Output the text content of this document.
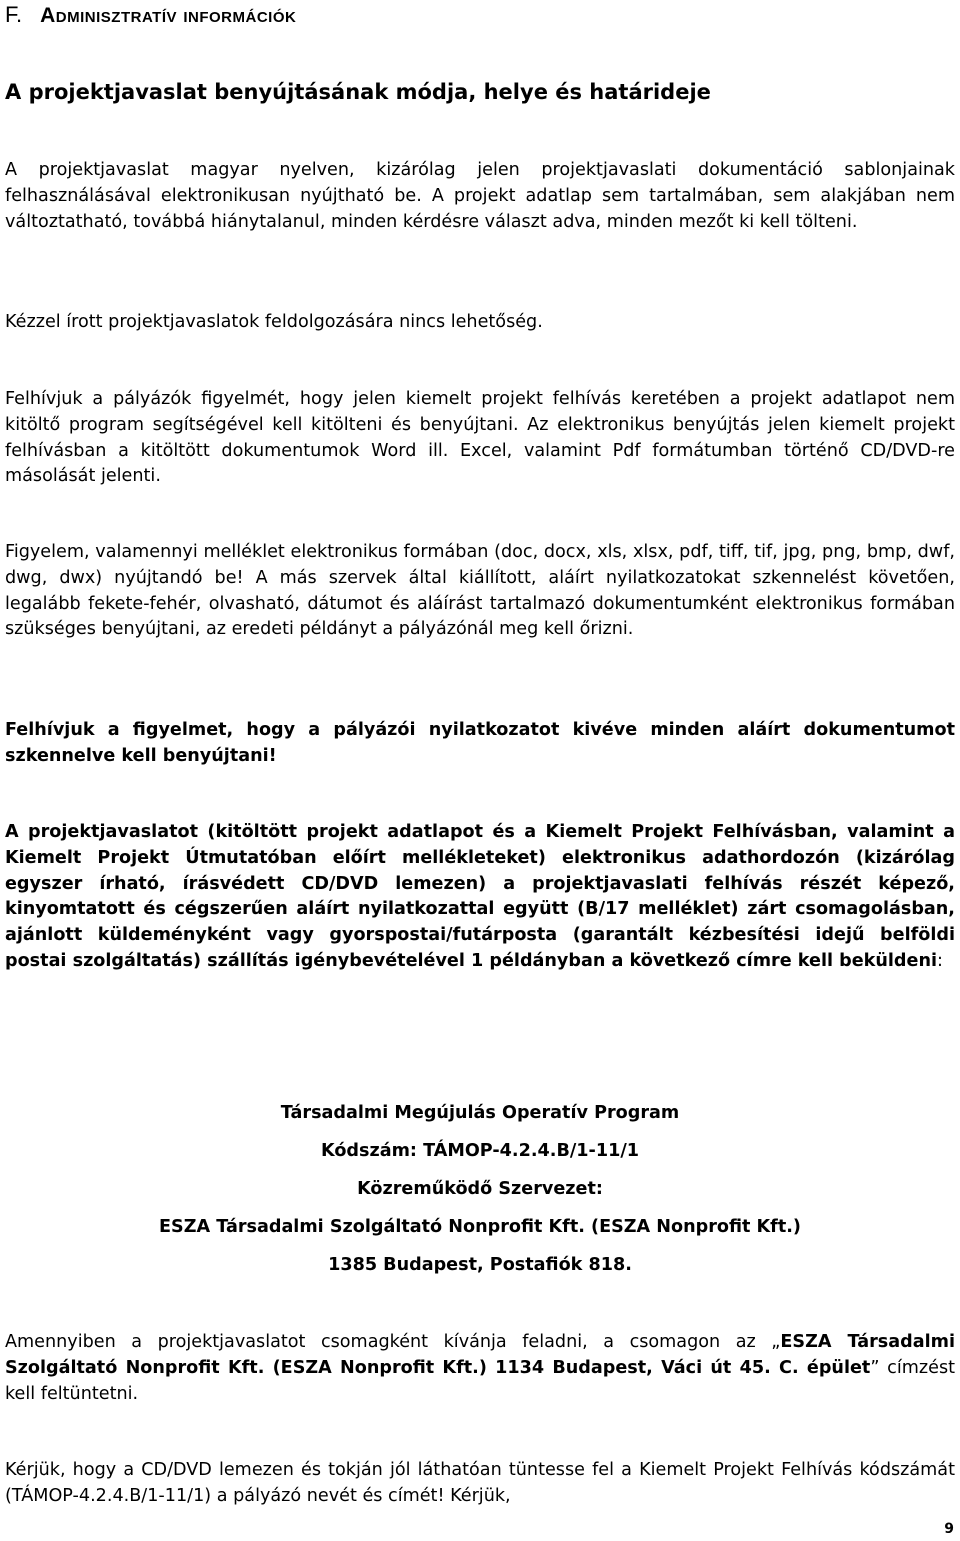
F. Adminisztratív információk
A projektjavaslat benyújtásának módja, helye és határideje
A projektjavaslat magyar nyelven, kizárólag jelen projektjavaslati dokumentáció sablonjainak felhasználásával elektronikusan nyújtható be. A projekt adatlap sem tartalmában, sem alakjában nem változtatható, továbbá hiánytalanul, minden kérdésre választ adva, minden mezőt ki kell tölteni.
Kézzel írott projektjavaslatok feldolgozására nincs lehetőség.
Felhívjuk a pályázók figyelmét, hogy jelen kiemelt projekt felhívás keretében a projekt adatlapot nem kitöltő program segítségével kell kitölteni és benyújtani. Az elektronikus benyújtás jelen kiemelt projekt felhívásban a kitöltött dokumentumok Word ill. Excel, valamint Pdf formátumban történő CD/DVD-re másolását jelenti.
Figyelem, valamennyi melléklet elektronikus formában (doc, docx, xls, xlsx, pdf, tiff, tif, jpg, png, bmp, dwf, dwg, dwx) nyújtandó be! A más szervek által kiállított, aláírt nyilatkozatokat szkennelést követően, legalább fekete-fehér, olvasható, dátumot és aláírást tartalmazó dokumentumként elektronikus formában szükséges benyújtani, az eredeti példányt a pályázónál meg kell őrizni.
Felhívjuk a figyelmet, hogy a pályázói nyilatkozatot kivéve minden aláírt dokumentumot szkennelve kell benyújtani!
A projektjavaslatot (kitöltött projekt adatlapot és a Kiemelt Projekt Felhívásban, valamint a Kiemelt Projekt Útmutatóban előírt mellékleteket) elektronikus adathordozón (kizárólag egyszer írható, írásvédett CD/DVD lemezen) a projektjavaslati felhívás részét képező, kinyomtatott és cégszerűen aláírt nyilatkozattal együtt (B/17 melléklet) zárt csomagolásban, ajánlott küldeményként vagy gyorspostai/futárposta (garantált kézbesítési idejű belföldi postai szolgáltatás) szállítás igénybevételével 1 példányban a következő címre kell beküldeni:
Társadalmi Megújulás Operatív Program
Kódszám: TÁMOP-4.2.4.B/1-11/1
Közreműködő Szervezet:
ESZA Társadalmi Szolgáltató Nonprofit Kft. (ESZA Nonprofit Kft.)
1385 Budapest, Postafiók 818.
Amennyiben a projektjavaslatot csomagként kívánja feladni, a csomagon az „ESZA Társadalmi Szolgáltató Nonprofit Kft. (ESZA Nonprofit Kft.) 1134 Budapest, Váci út 45. C. épület” címzést kell feltüntetni.
Kérjük, hogy a CD/DVD lemezen és tokján jól láthatóan tüntesse fel a Kiemelt Projekt Felhívás kódszámát (TÁMOP-4.2.4.B/1-11/1) a pályázó nevét és címét! Kérjük,
9
